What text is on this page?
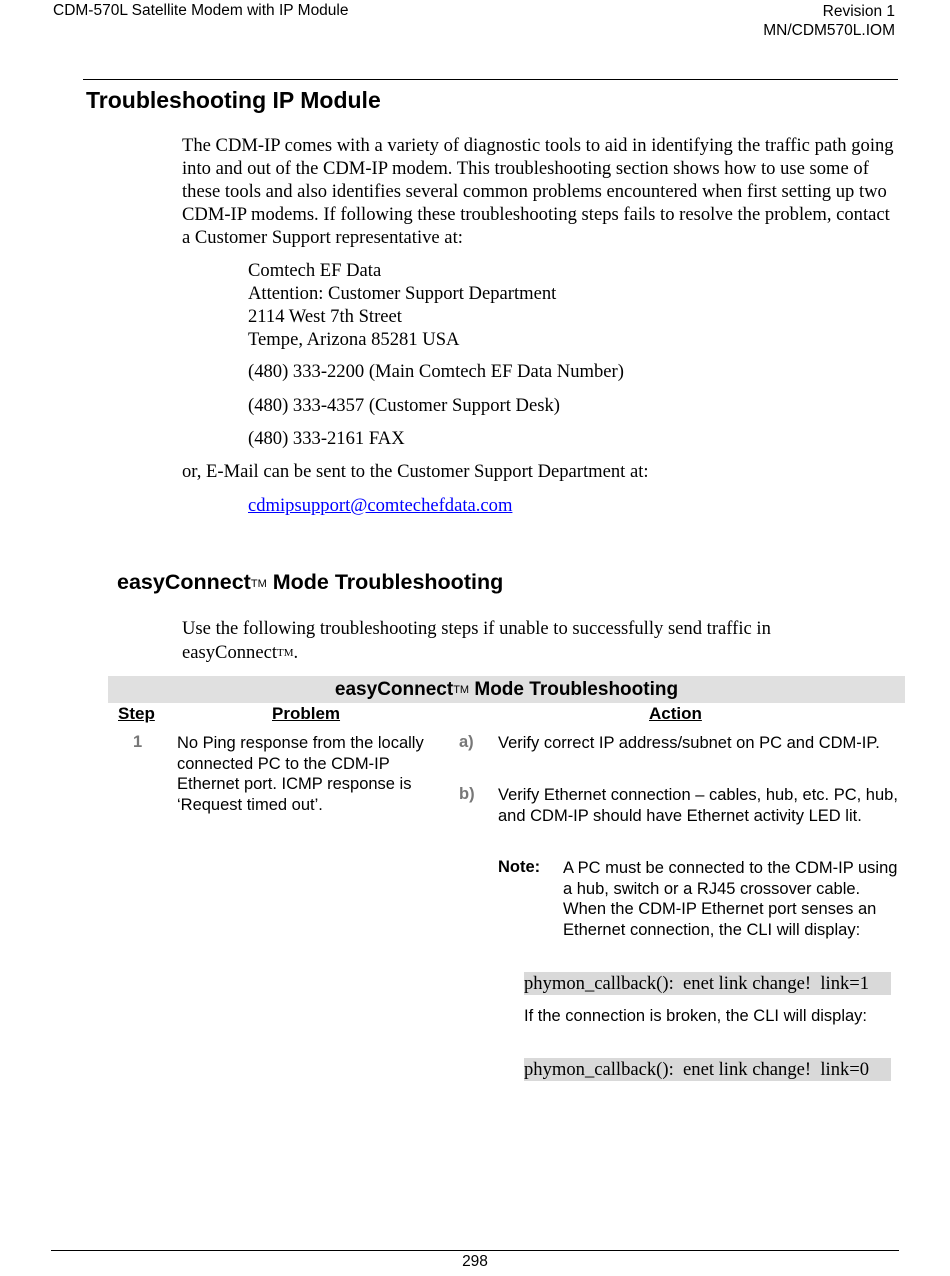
CDM-570L Satellite Modem with IP Module	Revision 1
MN/CDM570L.IOM
Troubleshooting IP Module
The CDM-IP comes with a variety of diagnostic tools to aid in identifying the traffic path going into and out of the CDM-IP modem. This troubleshooting section shows how to use some of these tools and also identifies several common problems encountered when first setting up two CDM-IP modems. If following these troubleshooting steps fails to resolve the problem, contact a Customer Support representative at:
Comtech EF Data
Attention: Customer Support Department
2114 West 7th Street
Tempe, Arizona 85281 USA
(480) 333-2200 (Main Comtech EF Data Number)
(480) 333-4357 (Customer Support Desk)
(480) 333-2161 FAX
or, E-Mail can be sent to the Customer Support Department at:
cdmipsupport@comtechefdata.com
easyConnectTM Mode Troubleshooting
Use the following troubleshooting steps if unable to successfully send traffic in
easyConnectTM.
easyConnectTM Mode Troubleshooting
Step	Problem	Action
1 No Ping response from the locally connected PC to the CDM-IP Ethernet port. ICMP response is ‘Request timed out’.
a) Verify correct IP address/subnet on PC and CDM-IP.
b) Verify Ethernet connection – cables, hub, etc. PC, hub, and CDM-IP should have Ethernet activity LED lit.
Note: A PC must be connected to the CDM-IP using a hub, switch or a RJ45 crossover cable. When the CDM-IP Ethernet port senses an Ethernet connection, the CLI will display:
phymon_callback():  enet link change!  link=1
If the connection is broken, the CLI will display:
phymon_callback():  enet link change!  link=0
298
